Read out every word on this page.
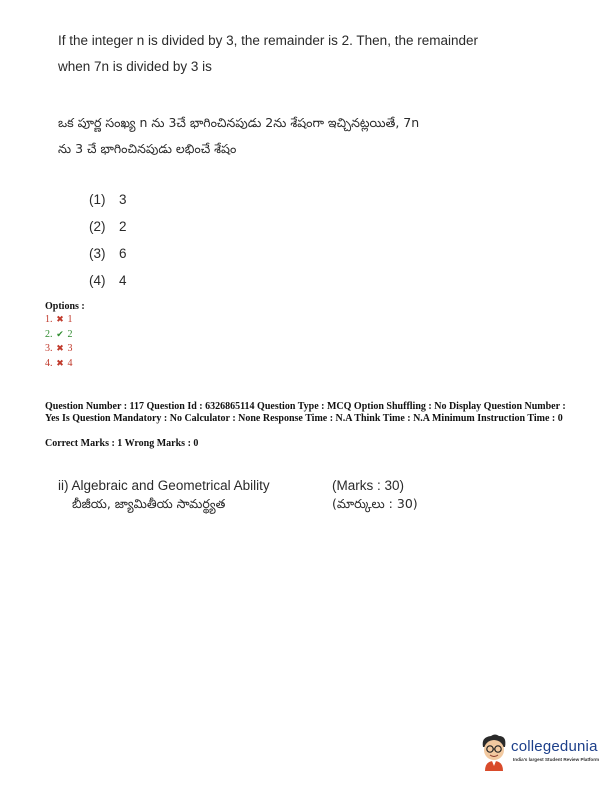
If the integer n is divided by 3, the remainder is 2. Then, the remainder
when 7n is divided by 3 is
ఒక పూర్ణ సంఖ్య n ను 3చే భాగించినపుడు 2ను శేషంగా ఇచ్చినట్లయితే, 7n
ను 3 చే భాగించినపుడు లభించే శేషం
(1) 3
(2) 2
(3) 6
(4) 4
Options :
1. ✖ 1
2. ✔ 2
3. ✖ 3
4. ✖ 4
Question Number : 117 Question Id : 6326865114 Question Type : MCQ Option Shuffling : No Display Question Number : Yes Is Question Mandatory : No Calculator : None Response Time : N.A Think Time : N.A Minimum Instruction Time : 0
Correct Marks : 1 Wrong Marks : 0
ii) Algebraic and Geometrical Ability
బీజీయ, జ్యామితీయ సామర్థ్యత
(Marks : 30)
(మార్కులు : 30)
collegedunia
India's largest Student Review Platform
